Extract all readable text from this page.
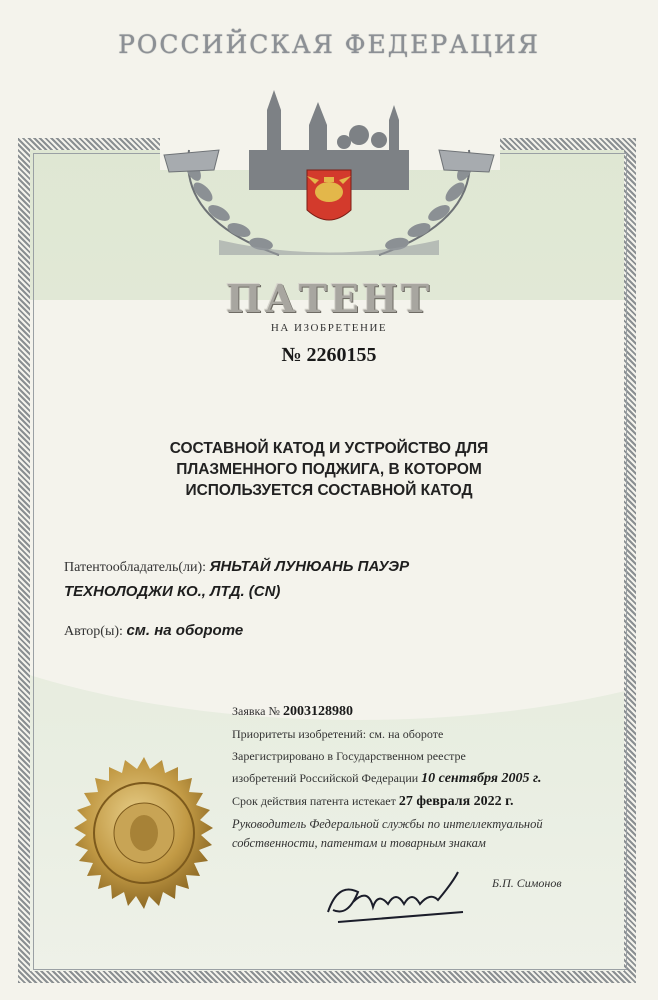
РОССИЙСКАЯ ФЕДЕРАЦИЯ
ПАТЕНТ
НА ИЗОБРЕТЕНИЕ
№ 2260155
СОСТАВНОЙ КАТОД И УСТРОЙСТВО ДЛЯ
ПЛАЗМЕННОГО ПОДЖИГА, В КОТОРОМ
ИСПОЛЬЗУЕТСЯ СОСТАВНОЙ КАТОД
Патентообладатель(ли): ЯНЬТАЙ ЛУНЮАНЬ ПАУЭР
ТЕХНОЛОДЖИ КО., ЛТД. (CN)
Автор(ы): см. на обороте
Заявка № 2003128980
Приоритеты изобретений: см. на обороте
Зарегистрировано в Государственном реестре
изобретений Российской Федерации 10 сентября 2005 г.
Срок действия патента истекает 27 февраля 2022 г.
Руководитель Федеральной службы по интеллектуальной
собственности, патентам и товарным знакам
Б.П. Симонов
